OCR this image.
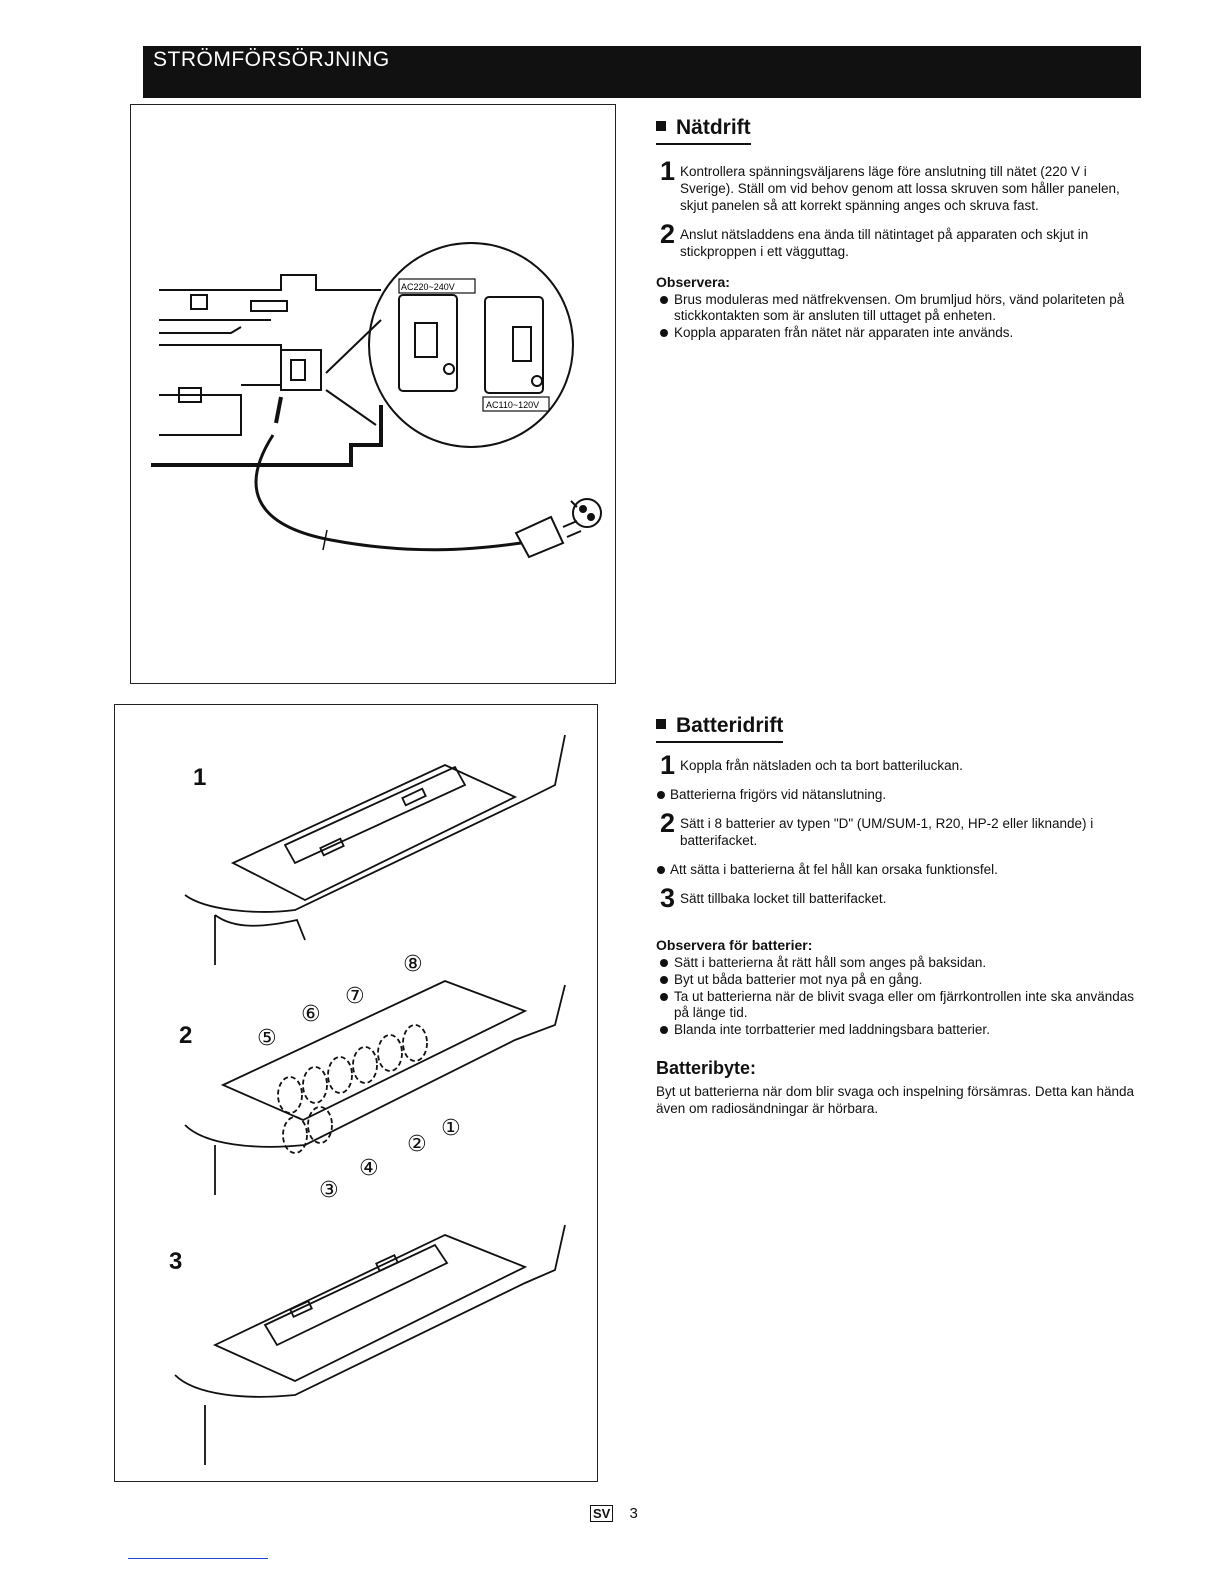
STRÖMFÖRSÖRJNING
AC220~240V
AC110~120V
1
2
3
①
②
③
④
⑤
⑥
⑦
⑧
Nätdrift
1 Kontrollera spänningsväljarens läge före anslutning till nätet (220 V i Sverige). Ställ om vid behov genom att lossa skruven som håller panelen, skjut panelen så att korrekt spänning anges och skruva fast.
2 Anslut nätsladdens ena ända till nätintaget på apparaten och skjut in stickproppen i ett vägguttag.
Observera:
Brus moduleras med nätfrekvensen. Om brumljud hörs, vänd polariteten på stickkontakten som är ansluten till uttaget på enheten.
Koppla apparaten från nätet när apparaten inte används.
Batteridrift
1 Koppla från nätsladen och ta bort batteriluckan.
Batterierna frigörs vid nätanslutning.
2 Sätt i 8 batterier av typen "D" (UM/SUM-1, R20, HP-2 eller liknande) i batterifacket.
Att sätta i batterierna åt fel håll kan orsaka funktionsfel.
3 Sätt tillbaka locket till batterifacket.
Observera för batterier:
Sätt i batterierna åt rätt håll som anges på baksidan.
Byt ut båda batterier mot nya på en gång.
Ta ut batterierna när de blivit svaga eller om fjärrkontrollen inte ska användas på länge tid.
Blanda inte torrbatterier med laddningsbara batterier.
Batteribyte:
Byt ut batterierna när dom blir svaga och inspelning försämras. Detta kan hända även om radiosändningar är hörbara.
SV 3
